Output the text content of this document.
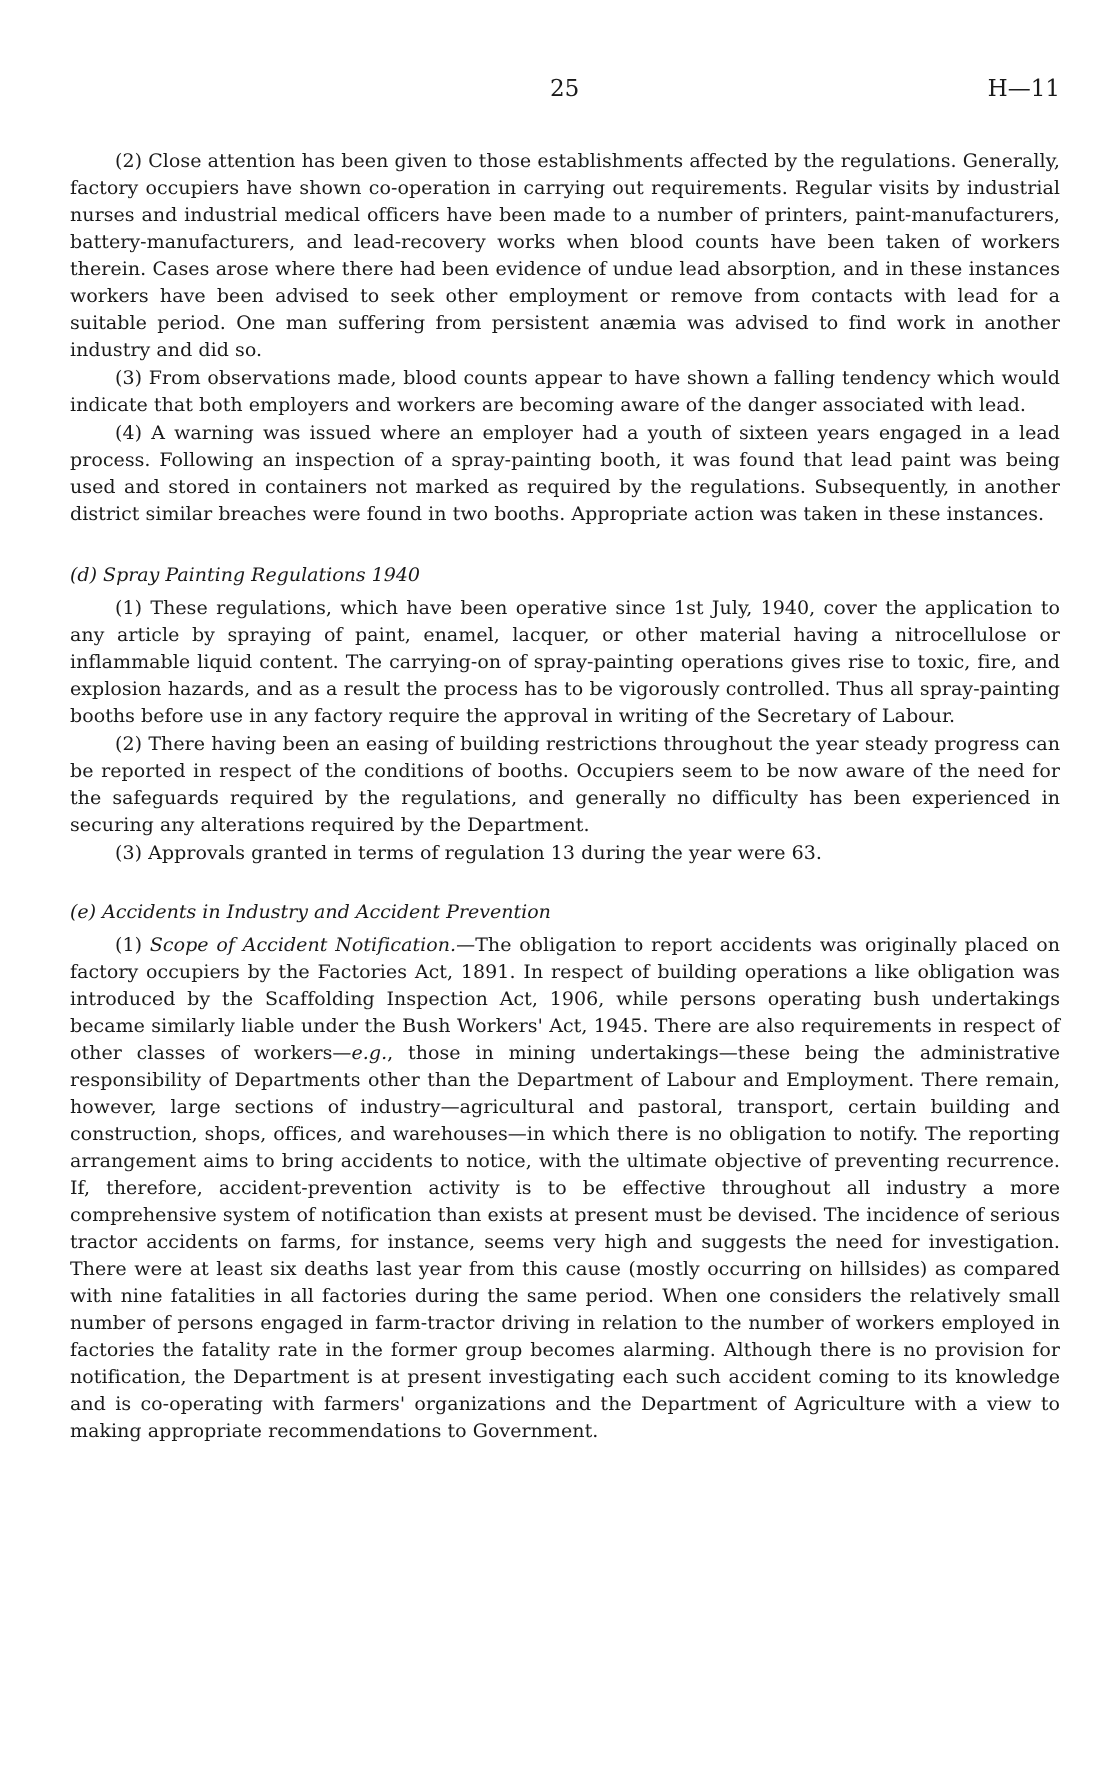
25	H—11

(2) Close attention has been given to those establishments affected by the regulations. Generally, factory occupiers have shown co-operation in carrying out requirements. Regular visits by industrial nurses and industrial medical officers have been made to a number of printers, paint-manufacturers, battery-manufacturers, and lead-recovery works when blood counts have been taken of workers therein. Cases arose where there had been evidence of undue lead absorption, and in these instances workers have been advised to seek other employment or remove from contacts with lead for a suitable period. One man suffering from persistent anæmia was advised to find work in another industry and did so.

(3) From observations made, blood counts appear to have shown a falling tendency which would indicate that both employers and workers are becoming aware of the danger associated with lead.

(4) A warning was issued where an employer had a youth of sixteen years engaged in a lead process. Following an inspection of a spray-painting booth, it was found that lead paint was being used and stored in containers not marked as required by the regulations. Subsequently, in another district similar breaches were found in two booths. Appropriate action was taken in these instances.

(d) Spray Painting Regulations 1940

(1) These regulations, which have been operative since 1st July, 1940, cover the application to any article by spraying of paint, enamel, lacquer, or other material having a nitrocellulose or inflammable liquid content. The carrying-on of spray-painting operations gives rise to toxic, fire, and explosion hazards, and as a result the process has to be vigorously controlled. Thus all spray-painting booths before use in any factory require the approval in writing of the Secretary of Labour.

(2) There having been an easing of building restrictions throughout the year steady progress can be reported in respect of the conditions of booths. Occupiers seem to be now aware of the need for the safeguards required by the regulations, and generally no difficulty has been experienced in securing any alterations required by the Department.

(3) Approvals granted in terms of regulation 13 during the year were 63.

(e) Accidents in Industry and Accident Prevention

(1) Scope of Accident Notification.—The obligation to report accidents was originally placed on factory occupiers by the Factories Act, 1891. In respect of building operations a like obligation was introduced by the Scaffolding Inspection Act, 1906, while persons operating bush undertakings became similarly liable under the Bush Workers' Act, 1945. There are also requirements in respect of other classes of workers—e.g., those in mining undertakings—these being the administrative responsibility of Departments other than the Department of Labour and Employment. There remain, however, large sections of industry—agricultural and pastoral, transport, certain building and construction, shops, offices, and warehouses—in which there is no obligation to notify. The reporting arrangement aims to bring accidents to notice, with the ultimate objective of preventing recurrence. If, therefore, accident-prevention activity is to be effective throughout all industry a more comprehensive system of notification than exists at present must be devised. The incidence of serious tractor accidents on farms, for instance, seems very high and suggests the need for investigation. There were at least six deaths last year from this cause (mostly occurring on hillsides) as compared with nine fatalities in all factories during the same period. When one considers the relatively small number of persons engaged in farm-tractor driving in relation to the number of workers employed in factories the fatality rate in the former group becomes alarming. Although there is no provision for notification, the Department is at present investigating each such accident coming to its knowledge and is co-operating with farmers' organizations and the Department of Agriculture with a view to making appropriate recommendations to Government.
